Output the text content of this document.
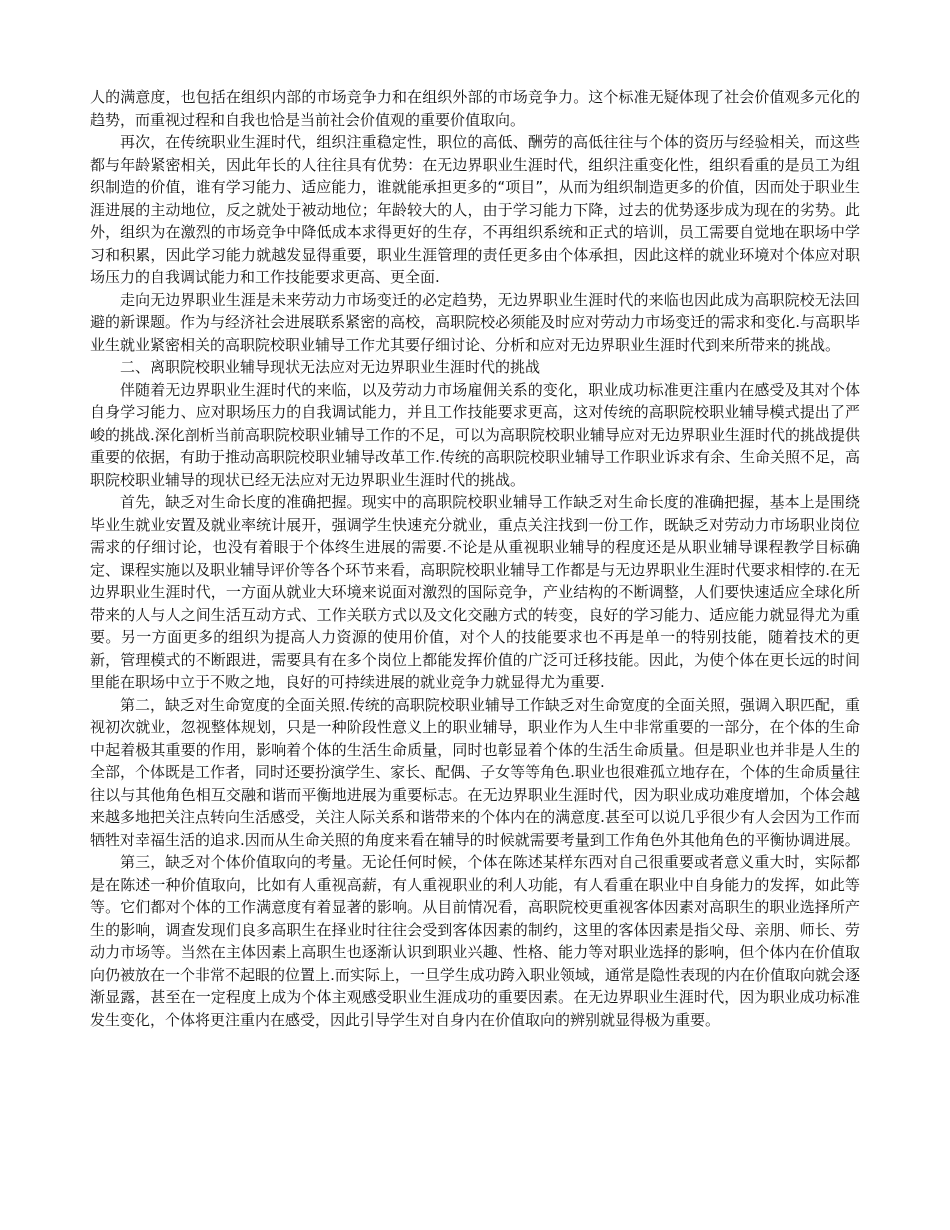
人的满意度，也包括在组织内部的市场竞争力和在组织外部的市场竞争力。这个标准无疑体现了社会价值观多元化的趋势，而重视过程和自我也恰是当前社会价值观的重要价值取向。

再次，在传统职业生涯时代，组织注重稳定性，职位的高低、酬劳的高低往往与个体的资历与经验相关，而这些都与年龄紧密相关，因此年长的人往往具有优势：在无边界职业生涯时代，组织注重变化性，组织看重的是员工为组织制造的价值，谁有学习能力、适应能力，谁就能承担更多的“项目”，从而为组织制造更多的价值，因而处于职业生涯进展的主动地位，反之就处于被动地位；年龄较大的人，由于学习能力下降，过去的优势逐步成为现在的劣势。此外，组织为在激烈的市场竞争中降低成本求得更好的生存，不再组织系统和正式的培训，员工需要自觉地在职场中学习和积累，因此学习能力就越发显得重要，职业生涯管理的责任更多由个体承担，因此这样的就业环境对个体应对职场压力的自我调试能力和工作技能要求更高、更全面.

走向无边界职业生涯是未来劳动力市场变迁的必定趋势，无边界职业生涯时代的来临也因此成为高职院校无法回避的新课题。作为与经济社会进展联系紧密的高校，高职院校必须能及时应对劳动力市场变迁的需求和变化.与高职毕业生就业紧密相关的高职院校职业辅导工作尤其要仔细讨论、分析和应对无边界职业生涯时代到来所带来的挑战。

二、离职院校职业辅导现状无法应对无边界职业生涯时代的挑战

伴随着无边界职业生涯时代的来临，以及劳动力市场雇佣关系的变化，职业成功标准更注重内在感受及其对个体自身学习能力、应对职场压力的自我调试能力，并且工作技能要求更高，这对传统的高职院校职业辅导模式提出了严峻的挑战.深化剖析当前高职院校职业辅导工作的不足，可以为高职院校职业辅导应对无边界职业生涯时代的挑战提供重要的依据，有助于推动高职院校职业辅导改革工作.传统的高职院校职业辅导工作职业诉求有余、生命关照不足，高职院校职业辅导的现状已经无法应对无边界职业生涯时代的挑战。

首先，缺乏对生命长度的准确把握。现实中的高职院校职业辅导工作缺乏对生命长度的准确把握，基本上是围绕毕业生就业安置及就业率统计展开，强调学生快速充分就业，重点关注找到一份工作，既缺乏对劳动力市场职业岗位需求的仔细讨论，也没有着眼于个体终生进展的需要.不论是从重视职业辅导的程度还是从职业辅导课程教学目标确定、课程实施以及职业辅导评价等各个环节来看，高职院校职业辅导工作都是与无边界职业生涯时代要求相悖的.在无边界职业生涯时代，一方面从就业大环境来说面对激烈的国际竞争，产业结构的不断调整，人们要快速适应全球化所带来的人与人之间生活互动方式、工作关联方式以及文化交融方式的转变，良好的学习能力、适应能力就显得尤为重要。另一方面更多的组织为提高人力资源的使用价值，对个人的技能要求也不再是单一的特别技能，随着技术的更新，管理模式的不断跟进，需要具有在多个岗位上都能发挥价值的广泛可迁移技能。因此，为使个体在更长远的时间里能在职场中立于不败之地，良好的可持续进展的就业竞争力就显得尤为重要.

第二，缺乏对生命宽度的全面关照.传统的高职院校职业辅导工作缺乏对生命宽度的全面关照，强调入职匹配，重视初次就业，忽视整体规划，只是一种阶段性意义上的职业辅导，职业作为人生中非常重要的一部分，在个体的生命中起着极其重要的作用，影响着个体的生活生命质量，同时也彰显着个体的生活生命质量。但是职业也并非是人生的全部，个体既是工作者，同时还要扮演学生、家长、配偶、子女等等角色.职业也很难孤立地存在，个体的生命质量往往以与其他角色相互交融和谐而平衡地进展为重要标志。在无边界职业生涯时代，因为职业成功难度增加，个体会越来越多地把关注点转向生活感受，关注人际关系和谐带来的个体内在的满意度.甚至可以说几乎很少有人会因为工作而牺牲对幸福生活的追求.因而从生命关照的角度来看在辅导的时候就需要考量到工作角色外其他角色的平衡协调进展。

第三，缺乏对个体价值取向的考量。无论任何时候，个体在陈述某样东西对自己很重要或者意义重大时，实际都是在陈述一种价值取向，比如有人重视高薪，有人重视职业的利人功能，有人看重在职业中自身能力的发挥，如此等等。它们都对个体的工作满意度有着显著的影响。从目前情况看，高职院校更重视客体因素对高职生的职业选择所产生的影响，调查发现们良多高职生在择业时往往会受到客体因素的制约，这里的客体因素是指父母、亲朋、师长、劳动力市场等。当然在主体因素上高职生也逐渐认识到职业兴趣、性格、能力等对职业选择的影响，但个体内在价值取向仍被放在一个非常不起眼的位置上.而实际上，一旦学生成功跨入职业领域，通常是隐性表现的内在价值取向就会逐渐显露，甚至在一定程度上成为个体主观感受职业生涯成功的重要因素。在无边界职业生涯时代，因为职业成功标准发生变化，个体将更注重内在感受，因此引导学生对自身内在价值取向的辨别就显得极为重要。
